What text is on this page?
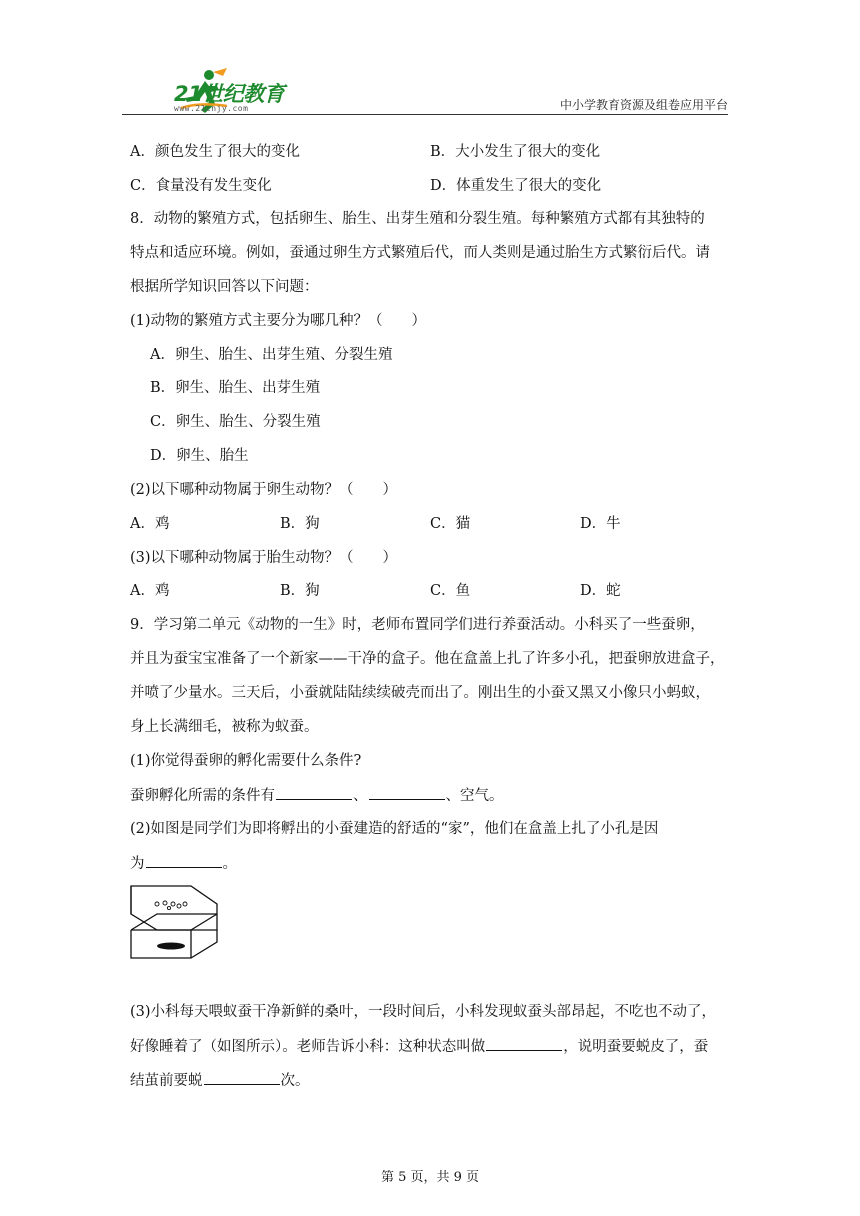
21世纪教育
www.21cnjy.com	中小学教育资源及组卷应用平台
A．颜色发生了很大的变化	B．大小发生了很大的变化
C．食量没有发生变化	D．体重发生了很大的变化
8．动物的繁殖方式，包括卵生、胎生、出芽生殖和分裂生殖。每种繁殖方式都有其独特的
特点和适应环境。例如，蚕通过卵生方式繁殖后代，而人类则是通过胎生方式繁衍后代。请
根据所学知识回答以下问题：
(1)动物的繁殖方式主要分为哪几种？（　　）
A．卵生、胎生、出芽生殖、分裂生殖
B．卵生、胎生、出芽生殖
C．卵生、胎生、分裂生殖
D．卵生、胎生
(2)以下哪种动物属于卵生动物？（　　）
A．鸡	B．狗	C．猫	D．牛
(3)以下哪种动物属于胎生动物？（　　）
A．鸡	B．狗	C．鱼	D．蛇
9．学习第二单元《动物的一生》时，老师布置同学们进行养蚕活动。小科买了一些蚕卵，
并且为蚕宝宝准备了一个新家——干净的盒子。他在盒盖上扎了许多小孔，把蚕卵放进盒子，
并喷了少量水。三天后，小蚕就陆陆续续破壳而出了。刚出生的小蚕又黑又小像只小蚂蚁，
身上长满细毛，被称为蚁蚕。
(1)你觉得蚕卵的孵化需要什么条件?
蚕卵孵化所需的条件有	、	、空气。
(2)如图是同学们为即将孵出的小蚕建造的舒适的“家”，他们在盒盖上扎了小孔是因
为	。
(3)小科每天喂蚁蚕干净新鲜的桑叶，一段时间后，小科发现蚁蚕头部昂起，不吃也不动了，
好像睡着了（如图所示）。老师告诉小科：这种状态叫做	，说明蚕要蜕皮了，蚕
结茧前要蜕	次。
第 5 页，共 9 页
